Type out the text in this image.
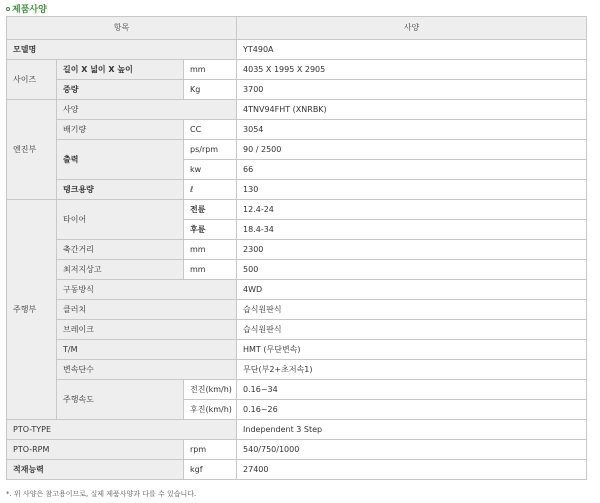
제품사양
항목			사양
모델명			YT490A
사이즈	길이 X 넓이 X 높이	mm	4035 X 1995 X 2905
	중량	Kg	3700
엔진부	사양		4TNV94FHT (XNRBK)
	배기량	CC	3054
	출력	ps/rpm	90 / 2500
		kw	66
	탱크용량	ℓ	130
주행부	타이어	전륜	12.4-24
		후륜	18.4-34
	축간거리	mm	2300
	최저지상고	mm	500
	구동방식		4WD
	클러치		습식원판식
	브레이크		습식원판식
	T/M		HMT (무단변속)
	변속단수		무단(부2+초저속1)
	주행속도	전진(km/h)	0.16~34
		후진(km/h)	0.16~26
PTO-TYPE			Independent 3 Step
PTO-RPM		rpm	540/750/1000
적재능력		kgf	27400
*. 위 사양은 참고용이므로, 실제 제품사양과 다를 수 있습니다.
